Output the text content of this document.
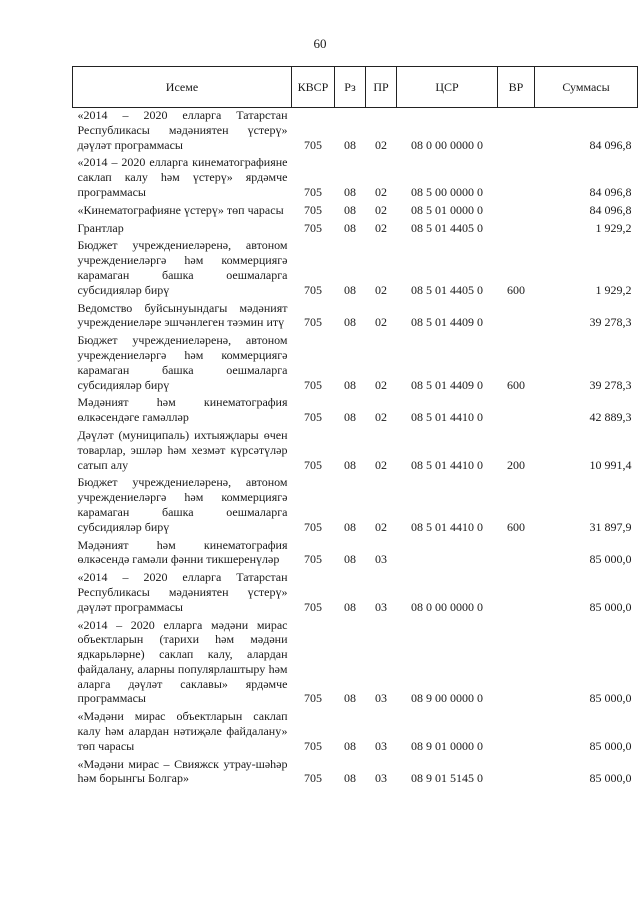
60
Исеме	КВСР	Рз	ПР	ЦСР	ВР	Суммасы
«2014 – 2020 елларга Татарстан Республикасы мәдәниятен үстерү» дәүләт программасы	705	08	02	08 0 00 0000 0		84 096,8
«2014 – 2020 елларга кинематографияне саклап калу һәм үстерү» ярдәмче программасы	705	08	02	08 5 00 0000 0		84 096,8
«Кинематографияне үстерү» төп чарасы	705	08	02	08 5 01 0000 0		84 096,8
Грантлар	705	08	02	08 5 01 4405 0		1 929,2
Бюджет учреждениеләренә, автоном учреждениеләргә һәм коммерциягә карамаган башка оешмаларга субсидияләр бирү	705	08	02	08 5 01 4405 0	600	1 929,2
Ведомство буйсынуындагы мәдәният учреждениеләре эшчәнлеген тәэмин итү	705	08	02	08 5 01 4409 0		39 278,3
Бюджет учреждениеләренә, автоном учреждениеләргә һәм коммерциягә карамаган башка оешмаларга субсидияләр бирү	705	08	02	08 5 01 4409 0	600	39 278,3
Мәдәният һәм кинематография өлкәсендәге гамәлләр	705	08	02	08 5 01 4410 0		42 889,3
Дәүләт (муниципаль) ихтыяҗлары өчен товарлар, эшләр һәм хезмәт күрсәтүләр сатып алу	705	08	02	08 5 01 4410 0	200	10 991,4
Бюджет учреждениеләренә, автоном учреждениеләргә һәм коммерциягә карамаган башка оешмаларга субсидияләр бирү	705	08	02	08 5 01 4410 0	600	31 897,9
Мәдәният һәм кинематография өлкәсендә гамәли фәнни тикшеренүләр	705	08	03			85 000,0
«2014 – 2020 елларга Татарстан Республикасы мәдәниятен үстерү» дәүләт программасы	705	08	03	08 0 00 0000 0		85 000,0
«2014 – 2020 елларга мәдәни мирас объектларын (тарихи һәм мәдәни ядкарьләрне) саклап калу, алардан файдалану, аларны популярлаштыру һәм аларга дәүләт саклавы» ярдәмче программасы	705	08	03	08 9 00 0000 0		85 000,0
«Мәдәни мирас объектларын саклап калу һәм алардан нәтиҗәле файдалану» төп чарасы	705	08	03	08 9 01 0000 0		85 000,0
«Мәдәни мирас – Свияжск утрау-шәһәр һәм борынгы Болгар»	705	08	03	08 9 01 5145 0		85 000,0
